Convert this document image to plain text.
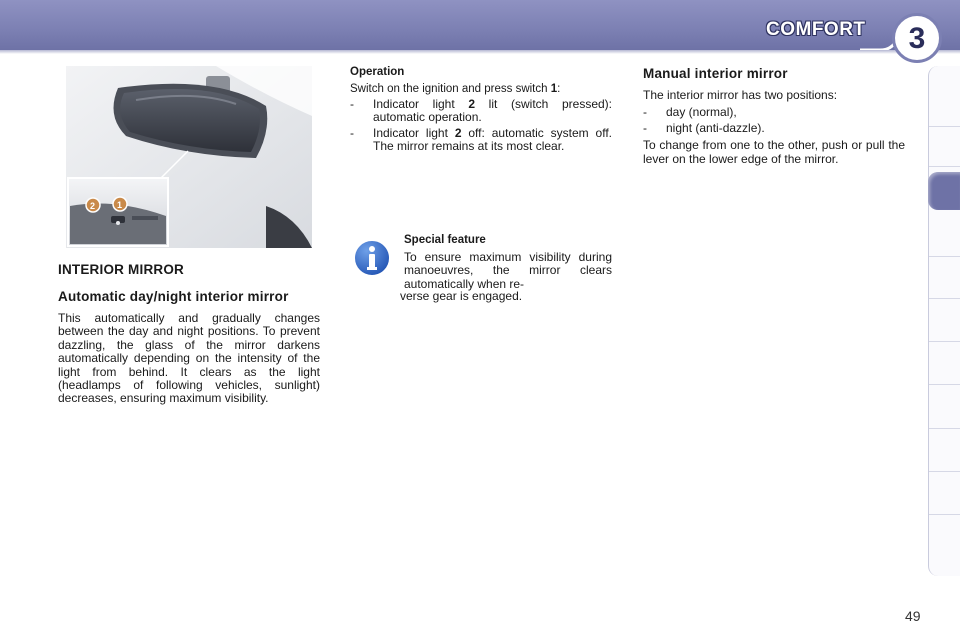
COMFORT	3
2 1
INTERIOR MIRROR
Automatic day/night interior mirror

This automatically and gradually changes between the day and night positions. To prevent dazzling, the glass of the mirror darkens automatically depending on the intensity of the light from behind. It clears as the light (headlamps of following vehicles, sunlight) decreases, ensuring maximum visibility.

Operation
Switch on the ignition and press switch 1:
- Indicator light 2 lit (switch pressed): automatic operation.
- Indicator light 2 off: automatic system off. The mirror remains at its most clear.
Special feature

To ensure maximum visibility during manoeuvres, the mirror clears automatically when re-

verse gear is engaged.
Manual interior mirror

The interior mirror has two positions:

- day (normal),
- night (anti-dazzle).

To change from one to the other, push or pull the lever on the lower edge of the mirror.

49
